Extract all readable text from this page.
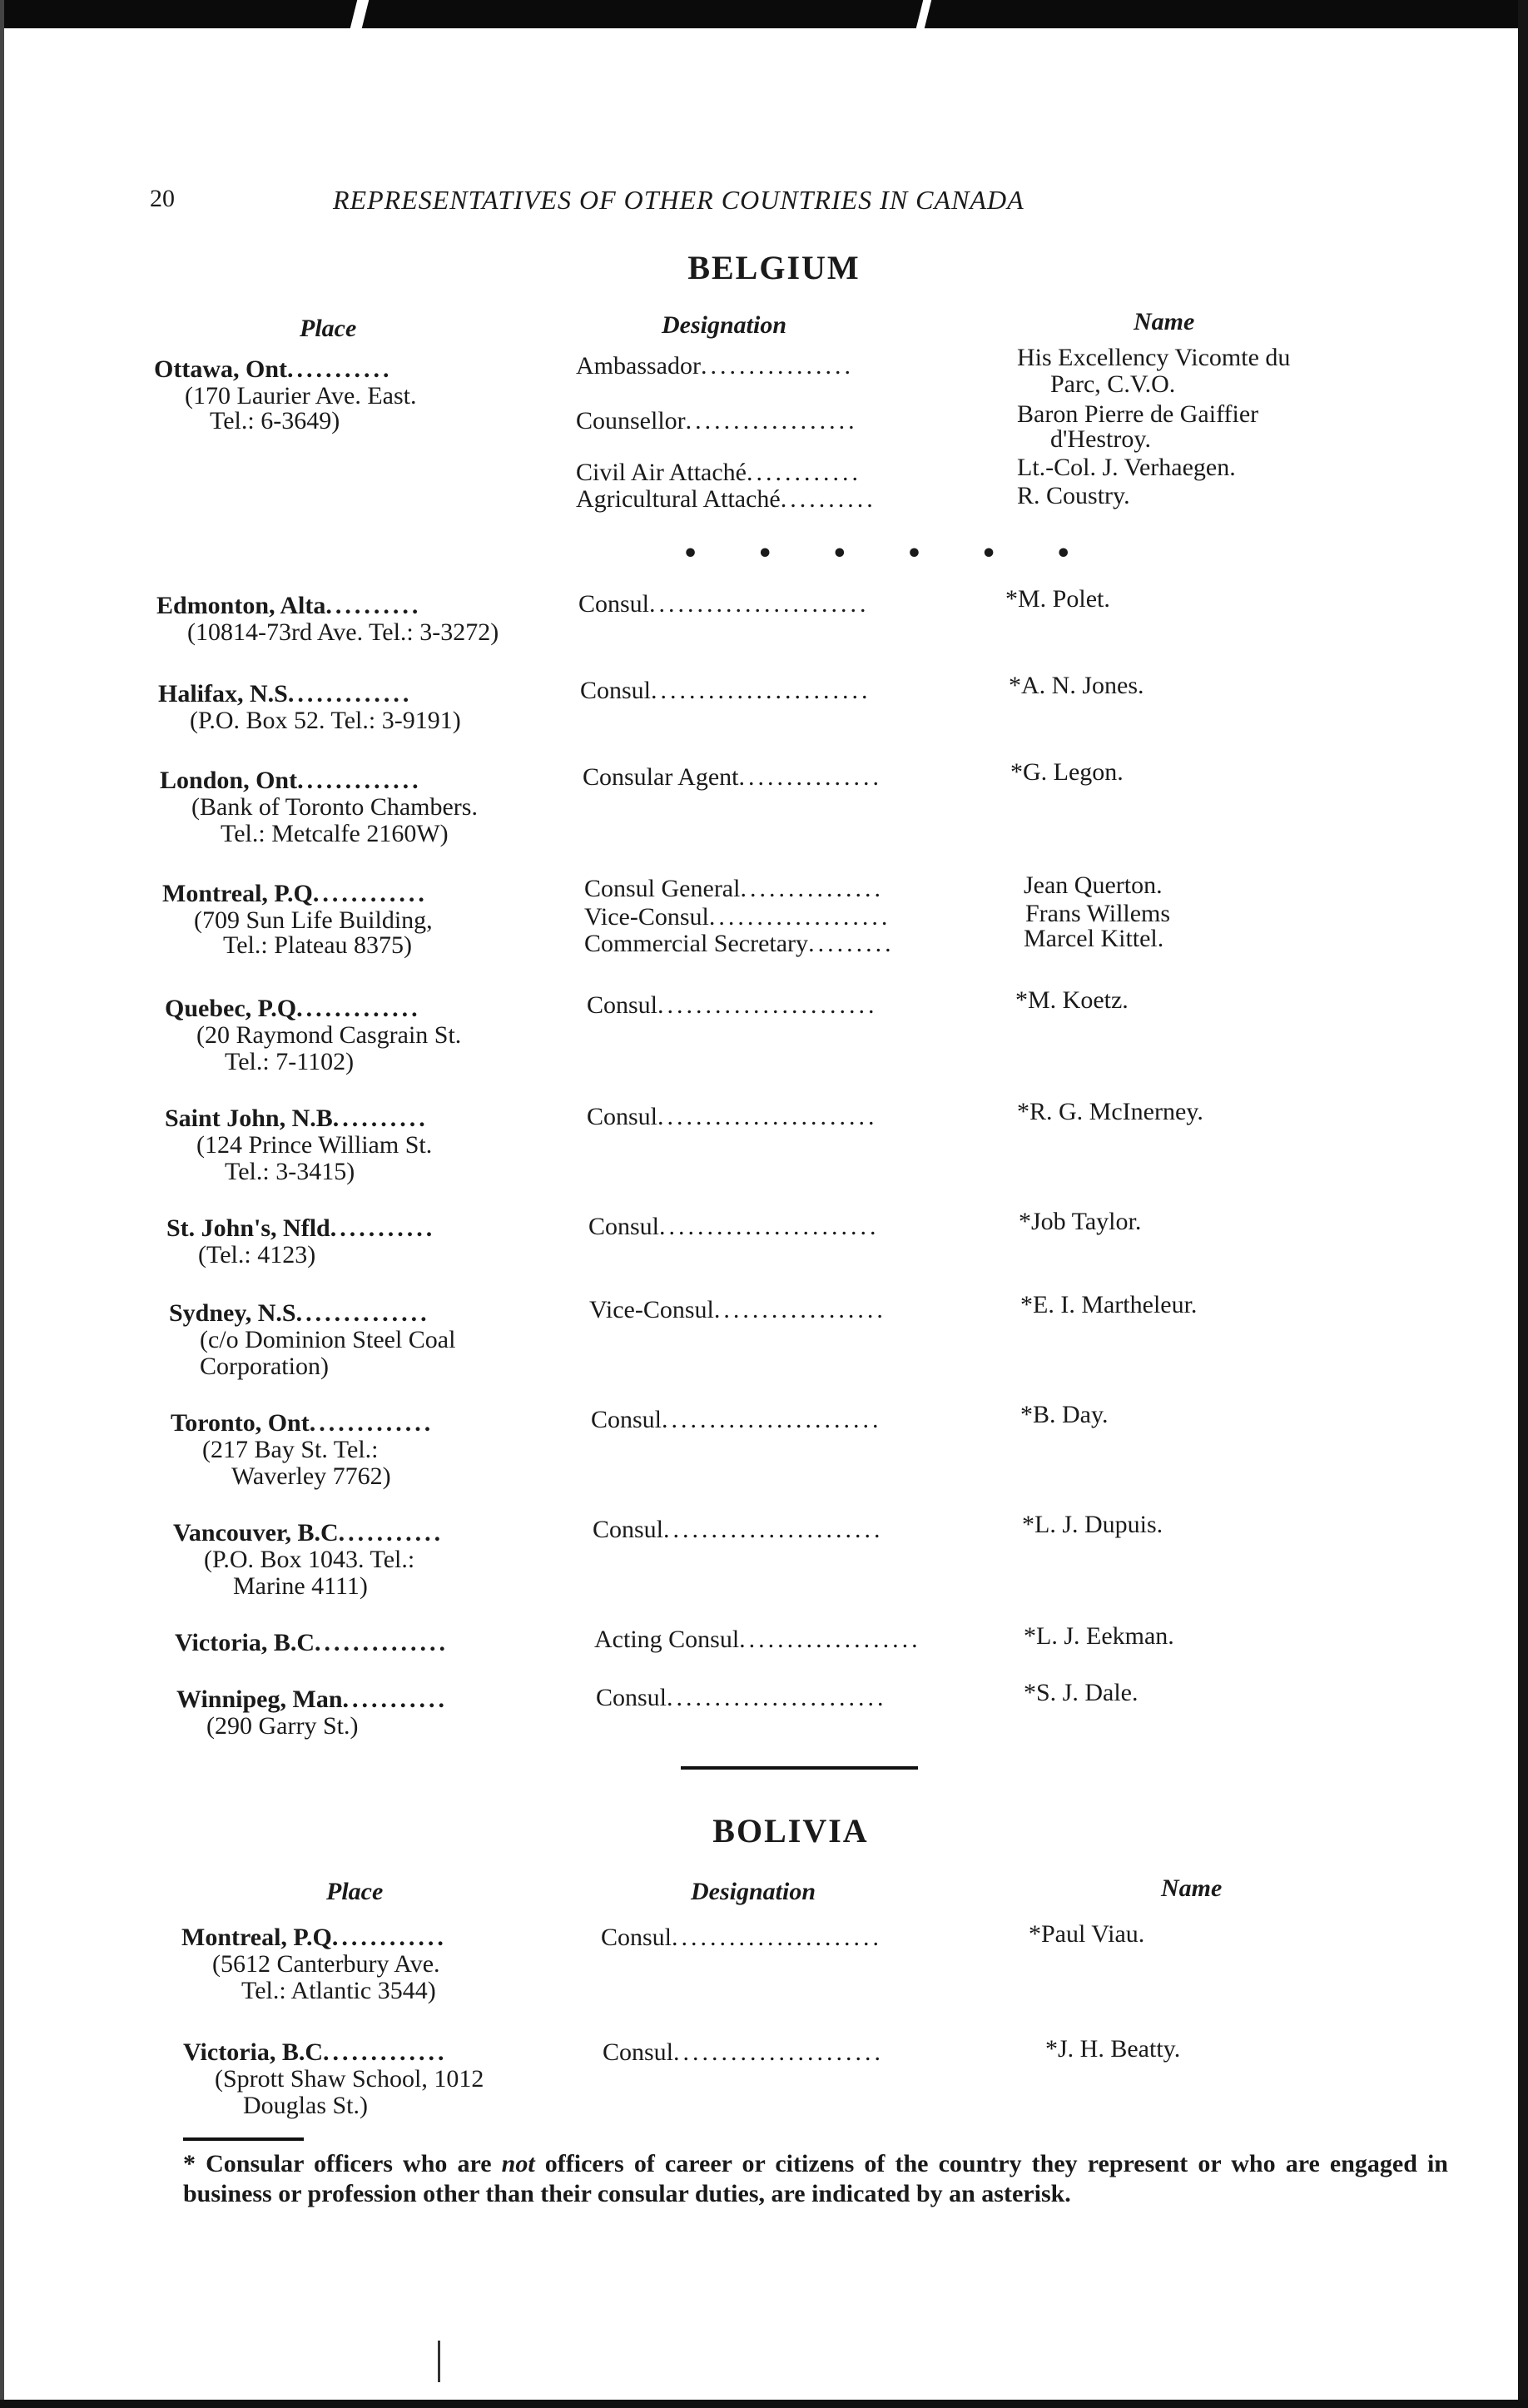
20	REPRESENTATIVES OF OTHER COUNTRIES IN CANADA
BELGIUM
Place	Designation	Name
Ottawa, Ont...........
(170 Laurier Ave. East.
Tel.: 6-3649)
Ambassador................	His Excellency Vicomte du
Parc, C.V.O.
Counsellor..................	Baron Pierre de Gaiffier
d'Hestroy.
Civil Air Attaché............	Lt.-Col. J. Verhaegen.
Agricultural Attaché..........	R. Coustry.
• • • • • •
Edmonton, Alta..........
(10814-73rd Ave. Tel.: 3-3272)
Consul.......................	*M. Polet.
Halifax, N.S.............
(P.O. Box 52. Tel.: 3-9191)
Consul.......................	*A. N. Jones.
London, Ont.............
(Bank of Toronto Chambers.
Tel.: Metcalfe 2160W)
Consular Agent...............	*G. Legon.
Montreal, P.Q............
(709 Sun Life Building,
Tel.: Plateau 8375)
Consul General...............	Jean Querton.
Vice-Consul...................	Frans Willems
Commercial Secretary.........	Marcel Kittel.
Quebec, P.Q.............
(20 Raymond Casgrain St.
Tel.: 7-1102)
Consul.......................	*M. Koetz.
Saint John, N.B..........
(124 Prince William St.
Tel.: 3-3415)
Consul.......................	*R. G. McInerney.
St. John's, Nfld...........
(Tel.: 4123)
Consul.......................	*Job Taylor.
Sydney, N.S..............
(c/o Dominion Steel Coal
Corporation)
Vice-Consul..................	*E. I. Martheleur.
Toronto, Ont.............
(217 Bay St. Tel.:
Waverley 7762)
Consul.......................	*B. Day.
Vancouver, B.C...........
(P.O. Box 1043. Tel.:
Marine 4111)
Consul.......................	*L. J. Dupuis.
Victoria, B.C..............	Acting Consul...................	*L. J. Eekman.
Winnipeg, Man...........
(290 Garry St.)
Consul.......................	*S. J. Dale.
BOLIVIA
Place	Designation	Name
Montreal, P.Q............
(5612 Canterbury Ave.
Tel.: Atlantic 3544)
Consul......................	*Paul Viau.
Victoria, B.C.............
(Sprott Shaw School, 1012
Douglas St.)
Consul......................	*J. H. Beatty.
* Consular officers who are not officers of career or citizens of the country they represent or who are engaged in business or profession other than their consular duties, are indicated by an asterisk.
